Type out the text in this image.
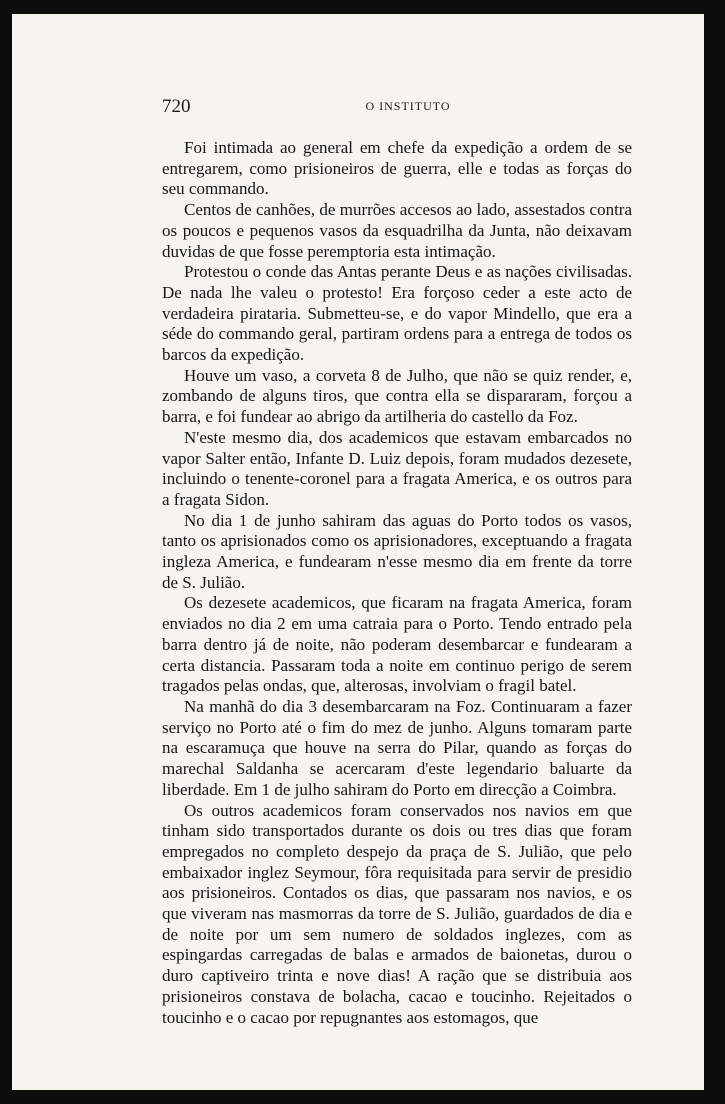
720	O INSTITUTO

Foi intimada ao general em chefe da expedição a ordem de se entregarem, como prisioneiros de guerra, elle e todas as forças do seu commando.

Centos de canhões, de murrões accesos ao lado, assestados contra os poucos e pequenos vasos da esquadrilha da Junta, não deixavam duvidas de que fosse peremptoria esta intimação.

Protestou o conde das Antas perante Deus e as nações civilisadas. De nada lhe valeu o protesto! Era forçoso ceder a este acto de verdadeira pirataria. Submetteu-se, e do vapor Mindello, que era a séde do commando geral, partiram ordens para a entrega de todos os barcos da expedição.

Houve um vaso, a corveta 8 de Julho, que não se quiz render, e, zombando de alguns tiros, que contra ella se dispararam, forçou a barra, e foi fundear ao abrigo da artilheria do castello da Foz.

N'este mesmo dia, dos academicos que estavam embarcados no vapor Salter então, Infante D. Luiz depois, foram mudados dezesete, incluindo o tenente-coronel para a fragata America, e os outros para a fragata Sidon.

No dia 1 de junho sahiram das aguas do Porto todos os vasos, tanto os aprisionados como os aprisionadores, exceptuando a fragata ingleza America, e fundearam n'esse mesmo dia em frente da torre de S. Julião.

Os dezesete academicos, que ficaram na fragata America, foram enviados no dia 2 em uma catraia para o Porto. Tendo entrado pela barra dentro já de noite, não poderam desembarcar e fundearam a certa distancia. Passaram toda a noite em continuo perigo de serem tragados pelas ondas, que, alterosas, involviam o fragil batel.

Na manhã do dia 3 desembarcaram na Foz. Continuaram a fazer serviço no Porto até o fim do mez de junho. Alguns tomaram parte na escaramuça que houve na serra do Pilar, quando as forças do marechal Saldanha se acercaram d'este legendario baluarte da liberdade. Em 1 de julho sahiram do Porto em direcção a Coimbra.

Os outros academicos foram conservados nos navios em que tinham sido transportados durante os dois ou tres dias que foram empregados no completo despejo da praça de S. Julião, que pelo embaixador inglez Seymour, fôra requisitada para servir de presidio aos prisioneiros. Contados os dias, que passaram nos navios, e os que viveram nas masmorras da torre de S. Julião, guardados de dia e de noite por um sem numero de soldados inglezes, com as espingardas carregadas de balas e armados de baionetas, durou o duro captiveiro trinta e nove dias! A ração que se distribuia aos prisioneiros constava de bolacha, cacao e toucinho. Rejeitados o toucinho e o cacao por repugnantes aos estomagos, que
